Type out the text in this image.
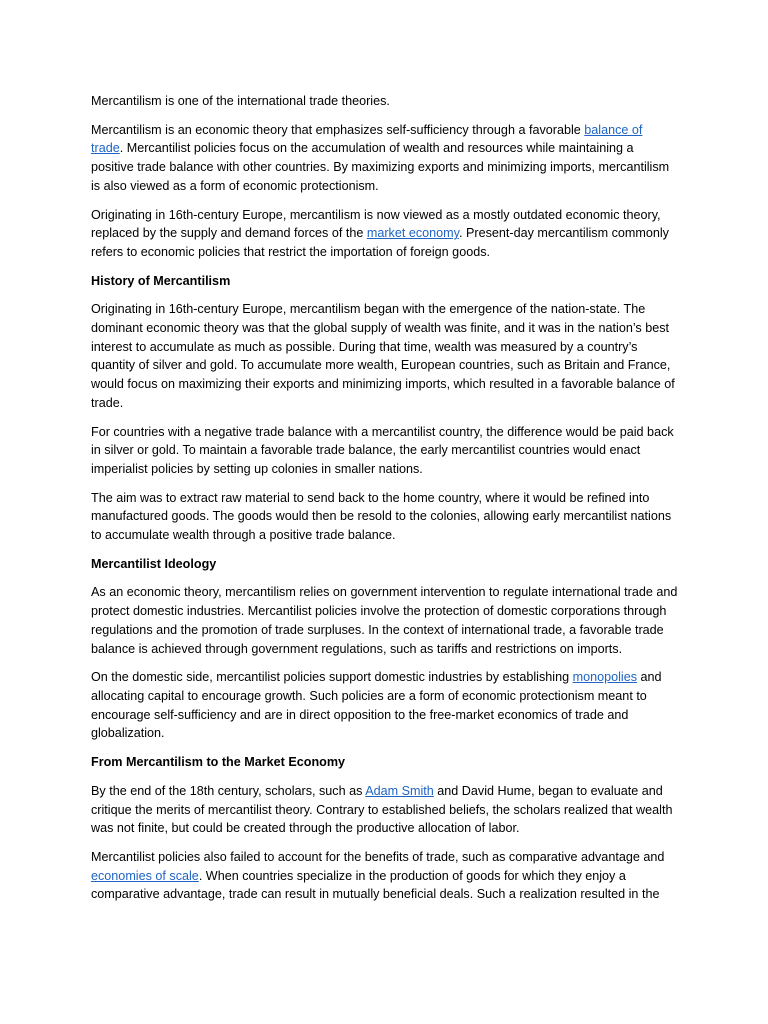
Mercantilism is one of the international trade theories.

Mercantilism is an economic theory that emphasizes self-sufficiency through a favorable balance of trade. Mercantilist policies focus on the accumulation of wealth and resources while maintaining a positive trade balance with other countries. By maximizing exports and minimizing imports, mercantilism is also viewed as a form of economic protectionism.

Originating in 16th-century Europe, mercantilism is now viewed as a mostly outdated economic theory, replaced by the supply and demand forces of the market economy. Present-day mercantilism commonly refers to economic policies that restrict the importation of foreign goods.

History of Mercantilism

Originating in 16th-century Europe, mercantilism began with the emergence of the nation-state. The dominant economic theory was that the global supply of wealth was finite, and it was in the nation’s best interest to accumulate as much as possible. During that time, wealth was measured by a country’s quantity of silver and gold. To accumulate more wealth, European countries, such as Britain and France, would focus on maximizing their exports and minimizing imports, which resulted in a favorable balance of trade.

For countries with a negative trade balance with a mercantilist country, the difference would be paid back in silver or gold. To maintain a favorable trade balance, the early mercantilist countries would enact imperialist policies by setting up colonies in smaller nations.

The aim was to extract raw material to send back to the home country, where it would be refined into manufactured goods. The goods would then be resold to the colonies, allowing early mercantilist nations to accumulate wealth through a positive trade balance.

Mercantilist Ideology

As an economic theory, mercantilism relies on government intervention to regulate international trade and protect domestic industries. Mercantilist policies involve the protection of domestic corporations through regulations and the promotion of trade surpluses. In the context of international trade, a favorable trade balance is achieved through government regulations, such as tariffs and restrictions on imports.

On the domestic side, mercantilist policies support domestic industries by establishing monopolies and allocating capital to encourage growth. Such policies are a form of economic protectionism meant to encourage self-sufficiency and are in direct opposition to the free-market economics of trade and globalization.

From Mercantilism to the Market Economy

By the end of the 18th century, scholars, such as Adam Smith and David Hume, began to evaluate and critique the merits of mercantilist theory. Contrary to established beliefs, the scholars realized that wealth was not finite, but could be created through the productive allocation of labor.

Mercantilist policies also failed to account for the benefits of trade, such as comparative advantage and economies of scale. When countries specialize in the production of goods for which they enjoy a comparative advantage, trade can result in mutually beneficial deals. Such a realization resulted in the
